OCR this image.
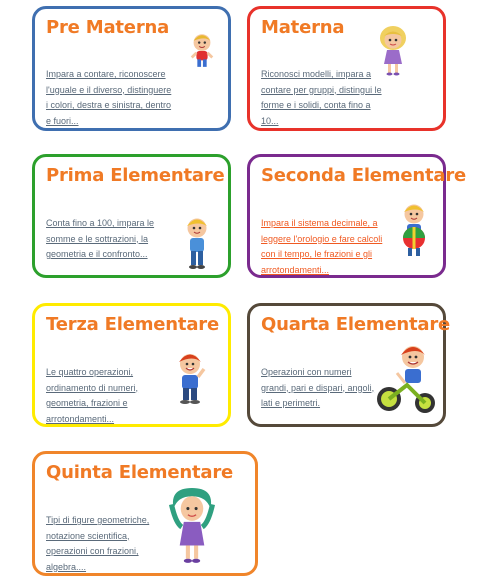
Pre Materna
Impara a contare, riconoscere l'uguale e il diverso, distinguere i colori, destra e sinistra, dentro e fuori...
Materna
Riconosci modelli, impara a contare per gruppi, distingui le forme e i solidi, conta fino a 10...
Prima Elementare
Conta fino a 100, impara le somme e le sottrazioni, la geometria e il confronto...
Seconda Elementare
Impara il sistema decimale, a leggere l'orologio e fare calcoli con il tempo, le frazioni e gli arrotondamenti...
Terza Elementare
Le quattro operazioni, ordinamento di numeri, geometria, frazioni e arrotondamenti...
Quarta Elementare
Operazioni con numeri grandi, pari e dispari, angoli, lati e perimetri.
Quinta Elementare
Tipi di figure geometriche, notazione scientifica, operazioni con frazioni, algebra....
